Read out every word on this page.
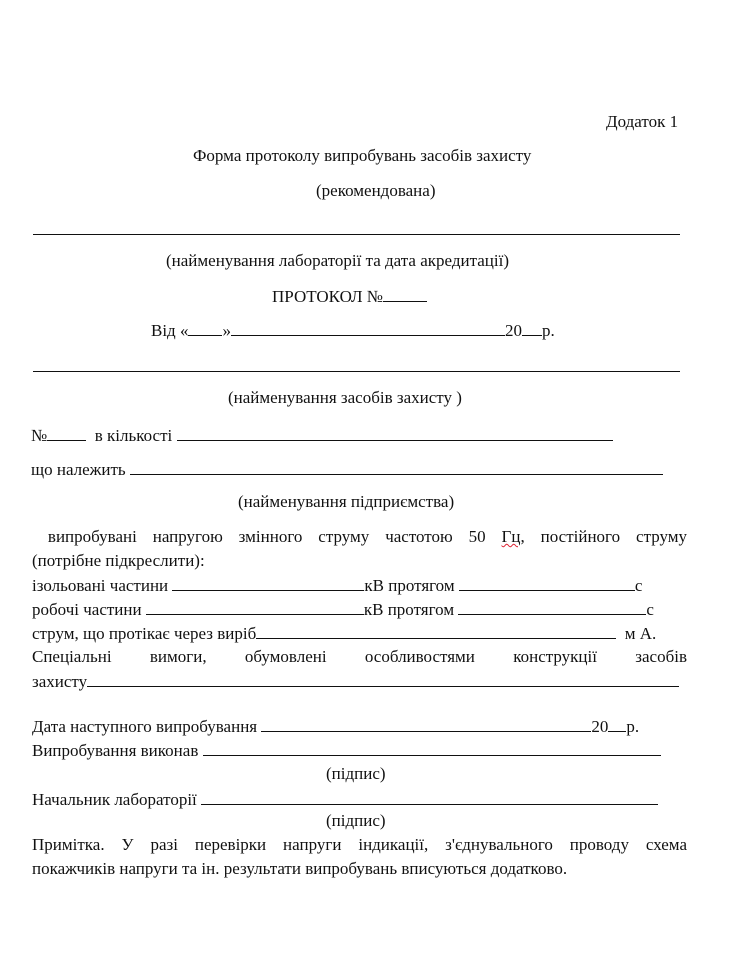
Додаток 1
Форма протоколу випробувань засобів захисту
(рекомендована)
(найменування лабораторії та дата акредитації)
ПРОТОКОЛ №
Від « »	20 р.
(найменування засобів захисту )
№	в кількості
що належить
(найменування підприємства)
випробувані напругою змінного струму частотою 50 Гц, постійного струму
(потрібне підкреслити):
ізольовані частини	кВ протягом	с
робочі частини	кВ протягом	с
струм, що протікає через виріб	м А.
Спеціальні вимоги, обумовлені особливостями конструкції засобів
захисту
Дата наступного випробування	20 р.
Випробування виконав
(підпис)
Начальник лабораторії
(підпис)
Примітка. У разі перевірки напруги індикації, з'єднувального проводу схема
покажчиків напруги та ін. результати випробувань вписуються додатково.
